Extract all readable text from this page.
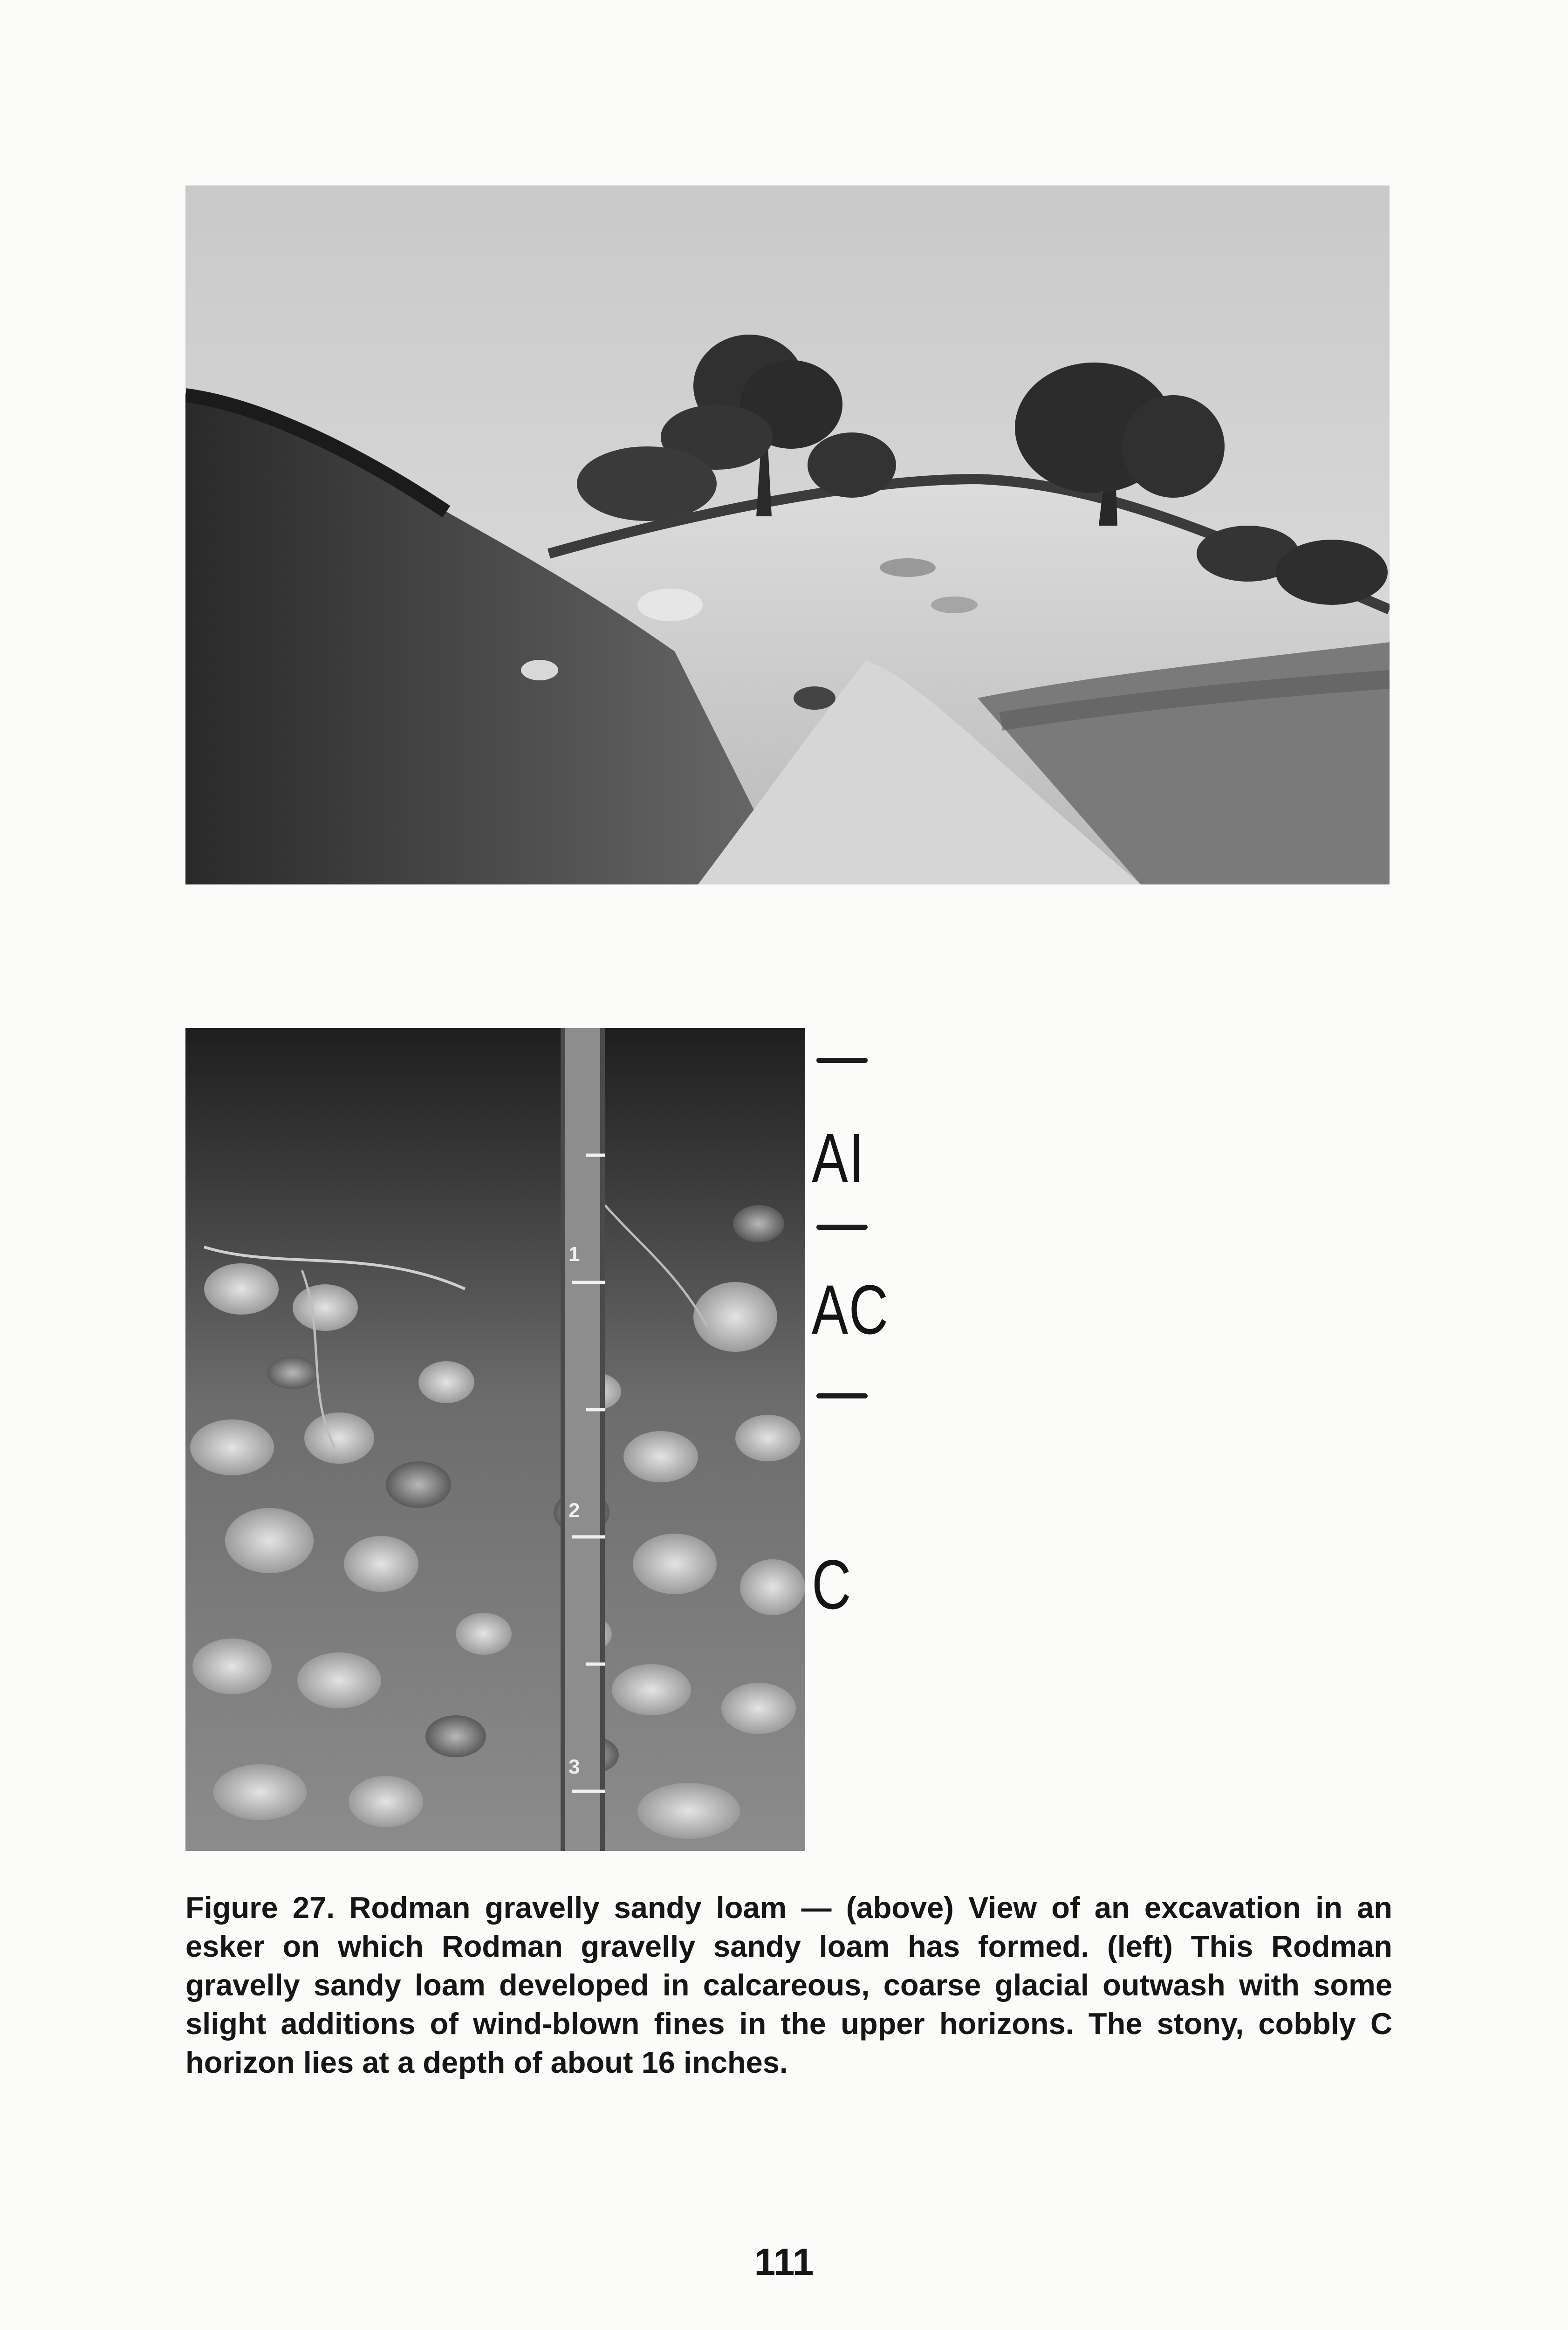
1
2
3
AI
AC
C

Figure 27. Rodman gravelly sandy loam — (above) View of an excavation in an esker on which Rodman gravelly sandy loam has formed. (left) This Rodman gravelly sandy loam developed in calcareous, coarse glacial outwash with some slight additions of wind-blown fines in the upper horizons. The stony, cobbly C horizon lies at a depth of about 16 inches.

111
